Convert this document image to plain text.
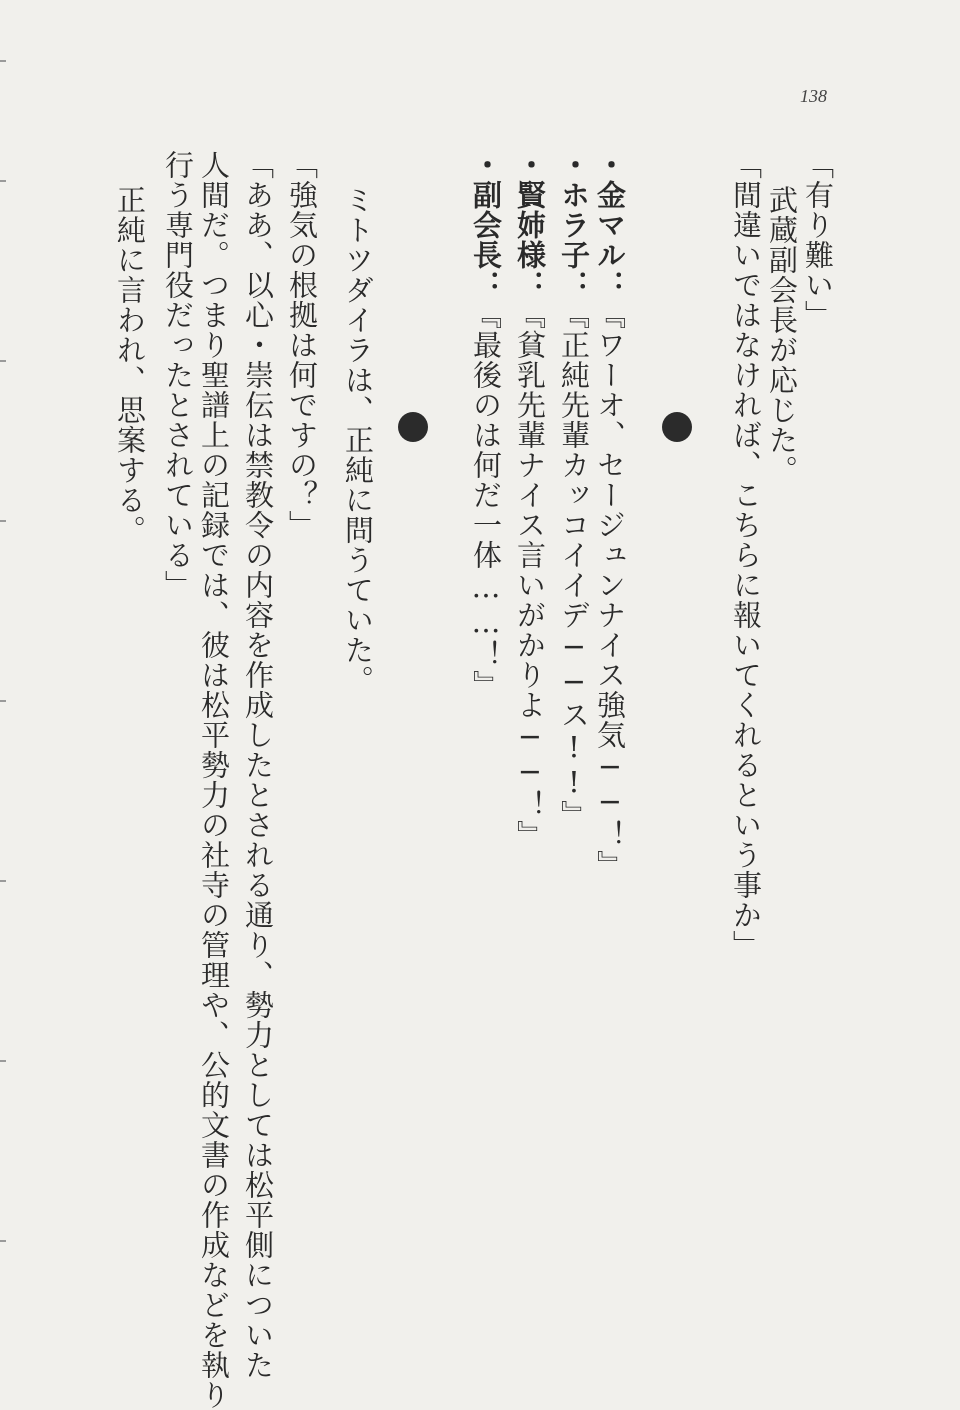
138
「有り難い」
武蔵副会長が応じた。
「間違いではなければ、こちらに報いてくれるという事か」
・金マル：『ワーオ、セージュンナイス強気──！』
・ホラ子：『正純先輩カッコイイデ──ス!!』
・賢姉様：『貧乳先輩ナイス言いがかりよ──！』
・副会長：『最後のは何だ一体……！』
ミトツダイラは、正純に問うていた。
「強気の根拠は何ですの？」
「ああ、以心・崇伝は禁教令の内容を作成したとされる通り、勢力としては松平側についた
人間だ。つまり聖譜上の記録では、彼は松平勢力の社寺の管理や、公的文書の作成などを執り
行う専門役だったとされている」
正純に言われ、思案する。
